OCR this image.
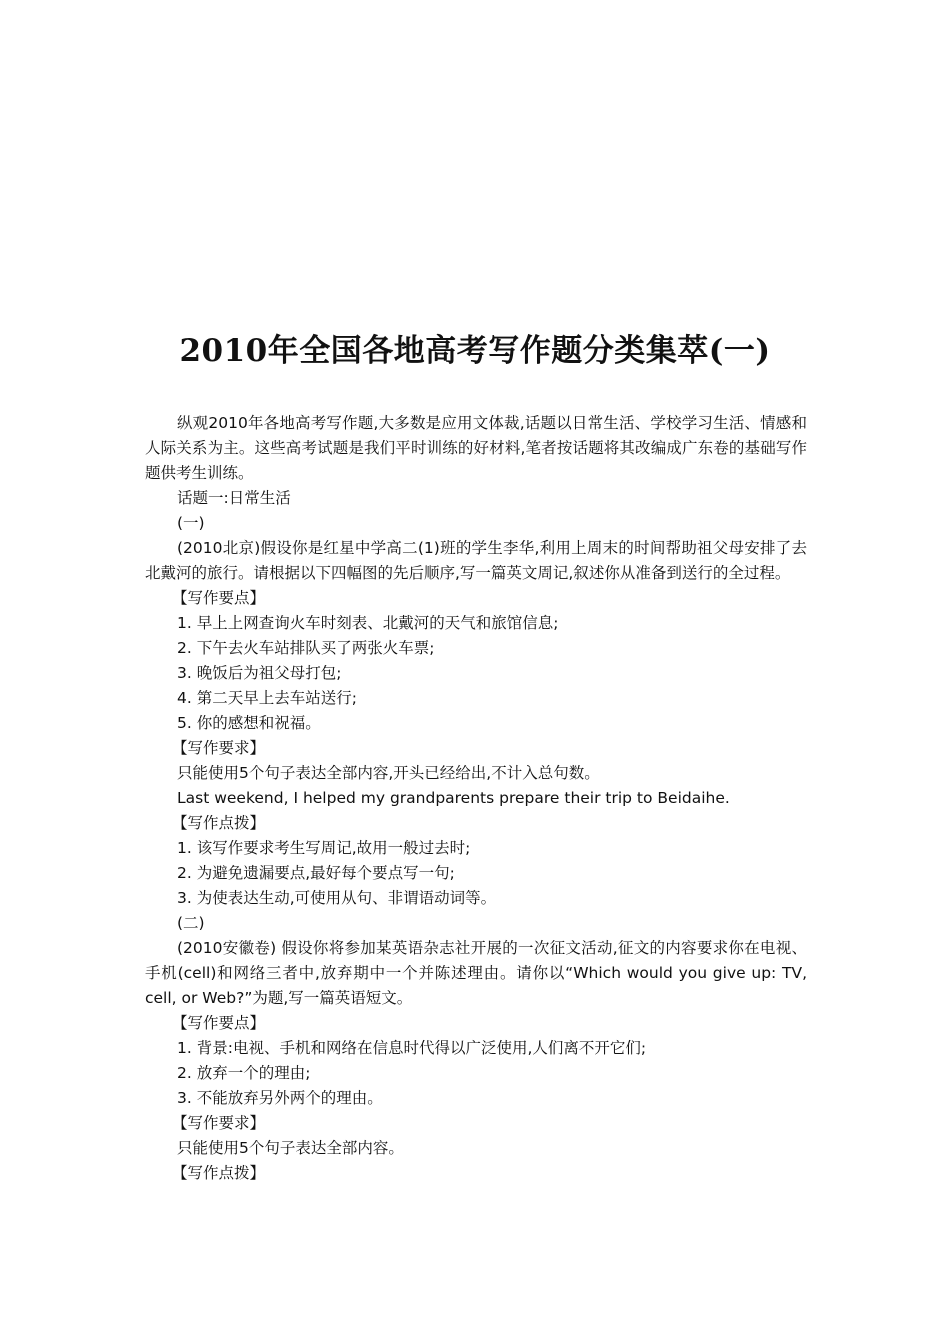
2010年全国各地高考写作题分类集萃(一)

纵观2010年各地高考写作题,大多数是应用文体裁,话题以日常生活、学校学习生活、情感和人际关系为主。这些高考试题是我们平时训练的好材料,笔者按话题将其改编成广东卷的基础写作题供考生训练。

话题一:日常生活

(一)

(2010北京)假设你是红星中学高二(1)班的学生李华,利用上周末的时间帮助祖父母安排了去北戴河的旅行。请根据以下四幅图的先后顺序,写一篇英文周记,叙述你从准备到送行的全过程。

【写作要点】

1. 早上上网查询火车时刻表、北戴河的天气和旅馆信息;

2. 下午去火车站排队买了两张火车票;

3. 晚饭后为祖父母打包;

4. 第二天早上去车站送行;

5. 你的感想和祝福。

【写作要求】

只能使用5个句子表达全部内容,开头已经给出,不计入总句数。

Last weekend, I helped my grandparents prepare their trip to Beidaihe.

【写作点拨】

1. 该写作要求考生写周记,故用一般过去时;

2. 为避免遗漏要点,最好每个要点写一句;

3. 为使表达生动,可使用从句、非谓语动词等。

(二)

(2010安徽卷) 假设你将参加某英语杂志社开展的一次征文活动,征文的内容要求你在电视、手机(cell)和网络三者中,放弃期中一个并陈述理由。请你以“Which would you give up: TV, cell, or Web?”为题,写一篇英语短文。

【写作要点】

1. 背景:电视、手机和网络在信息时代得以广泛使用,人们离不开它们;

2. 放弃一个的理由;

3. 不能放弃另外两个的理由。

【写作要求】

只能使用5个句子表达全部内容。

【写作点拨】
